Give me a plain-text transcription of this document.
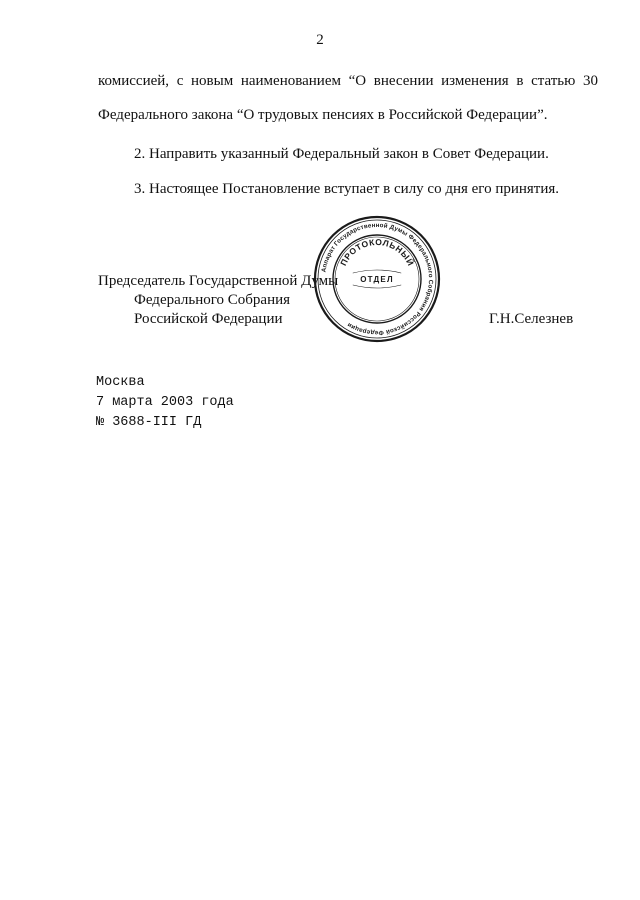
2
комиссией, с новым наименованием “О внесении изменения в статью 30
Федерального закона “О трудовых пенсиях в Российской Федерации”.
2. Направить указанный Федеральный закон в Совет Федерации.
3. Настоящее Постановление вступает в силу со дня его принятия.
Председатель Государственной Думы
Федерального Собрания
Российской Федерации	Г.Н.Селезнев
Аппарат Государственной Думы Федерального Собрания Российской Федерации
ПРОТОКОЛЬНЫЙ
ОТДЕЛ
Москва
7 марта 2003 года
№ 3688-III ГД
